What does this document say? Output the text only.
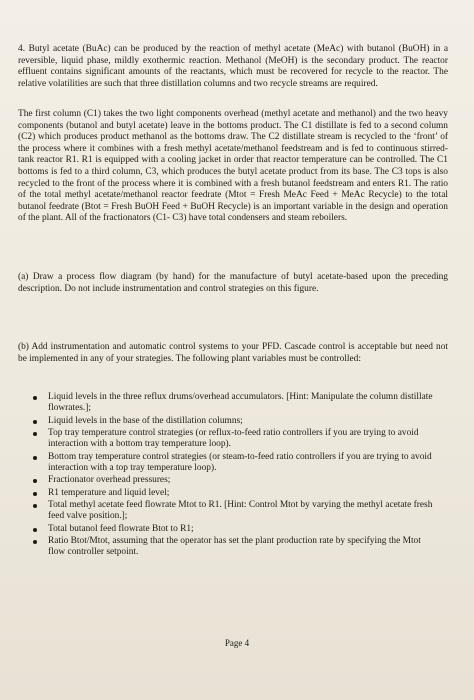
4. Butyl acetate (BuAc) can be produced by the reaction of methyl acetate (MeAc) with butanol (BuOH) in a reversible, liquid phase, mildly exothermic reaction. Methanol (MeOH) is the secondary product. The reactor effluent contains significant amounts of the reactants, which must be recovered for recycle to the reactor. The relative volatilities are such that three distillation columns and two recycle streams are required.

The first column (C1) takes the two light components overhead (methyl acetate and methanol) and the two heavy components (butanol and butyl acetate) leave in the bottoms product. The C1 distillate is fed to a second column (C2) which produces product methanol as the bottoms draw. The C2 distillate stream is recycled to the ‘front’ of the process where it combines with a fresh methyl acetate/methanol feedstream and is fed to continuous stirred-tank reactor R1. R1 is equipped with a cooling jacket in order that reactor temperature can be controlled. The C1 bottoms is fed to a third column, C3, which produces the butyl acetate product from its base. The C3 tops is also recycled to the front of the process where it is combined with a fresh butanol feedstream and enters R1. The ratio of the total methyl acetate/methanol reactor feedrate (Mtot = Fresh MeAc Feed + MeAc Recycle) to the total butanol feedrate (Btot = Fresh BuOH Feed + BuOH Recycle) is an important variable in the design and operation of the plant. All of the fractionators (C1- C3) have total condensers and steam reboilers.

(a) Draw a process flow diagram (by hand) for the manufacture of butyl acetate-based upon the preceding description. Do not include instrumentation and control strategies on this figure.

(b) Add instrumentation and automatic control systems to your PFD. Cascade control is acceptable but need not be implemented in any of your strategies. The following plant variables must be controlled:

Liquid levels in the three reflux drums/overhead accumulators. [Hint: Manipulate the column distillate flowrates.];
Liquid levels in the base of the distillation columns;
Top tray temperature control strategies (or reflux-to-feed ratio controllers if you are trying to avoid interaction with a bottom tray temperature loop).
Bottom tray temperature control strategies (or steam-to-feed ratio controllers if you are trying to avoid interaction with a top tray temperature loop).
Fractionator overhead pressures;
R1 temperature and liquid level;
Total methyl acetate feed flowrate Mtot to R1. [Hint: Control Mtot by varying the methyl acetate fresh feed valve position.];
Total butanol feed flowrate Btot to R1;
Ratio Btot/Mtot, assuming that the operator has set the plant production rate by specifying the Mtot flow controller setpoint.
Page 4
